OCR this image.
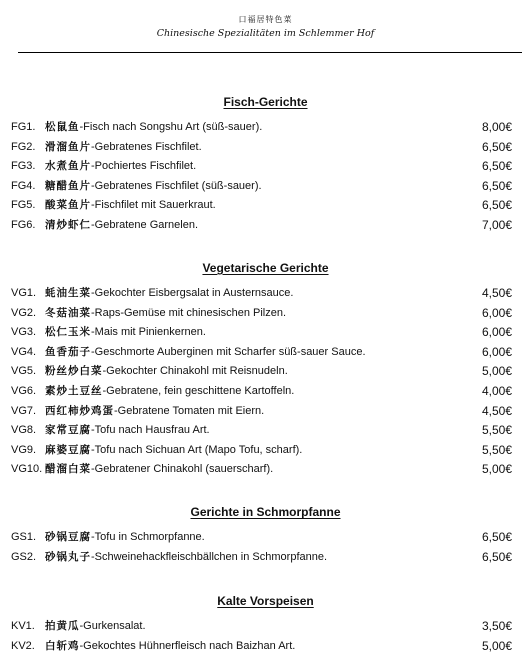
口福居特色菜
Chinesische Spezialitäten im Schlemmer Hof
Fisch-Gerichte
FG1. 松鼠鱼-Fisch nach Songshu Art (süß-sauer).	8,00€
FG2. 滑溜鱼片-Gebratenes Fischfilet.	6,50€
FG3. 水煮鱼片-Pochiertes Fischfilet.	6,50€
FG4. 糖醋鱼片-Gebratenes Fischfilet (süß-sauer).	6,50€
FG5. 酸菜鱼片-Fischfilet mit Sauerkraut.	6,50€
FG6. 清炒虾仁-Gebratene Garnelen.	7,00€
Vegetarische Gerichte
VG1. 蚝油生菜-Gekochter Eisbergsalat in Austernsauce.	4,50€
VG2. 冬菇油菜-Raps-Gemüse mit chinesischen Pilzen.	6,00€
VG3. 松仁玉米-Mais mit Pinienkernen.	6,00€
VG4. 鱼香茄子-Geschmorte Auberginen mit Scharfer süß-sauer Sauce.	6,00€
VG5. 粉丝炒白菜-Gekochter Chinakohl mit Reisnudeln.	5,00€
VG6. 素炒土豆丝-Gebratene, fein geschittene Kartoffeln.	4,00€
VG7. 西红柿炒鸡蛋-Gebratene Tomaten mit Eiern.	4,50€
VG8. 家常豆腐-Tofu nach Hausfrau Art.	5,50€
VG9. 麻婆豆腐-Tofu nach Sichuan Art (Mapo Tofu, scharf).	5,50€
VG10. 醋溜白菜-Gebratener Chinakohl (sauerscharf).	5,00€
Gerichte in Schmorpfanne
GS1. 砂锅豆腐-Tofu in Schmorpfanne.	6,50€
GS2. 砂锅丸子-Schweinehackfleischbällchen in Schmorpfanne.	6,50€
Kalte Vorspeisen
KV1. 拍黄瓜-Gurkensalat.	3,50€
KV2. 白斩鸡-Gekochtes Hühnerfleisch nach Baizhan Art.	5,00€
